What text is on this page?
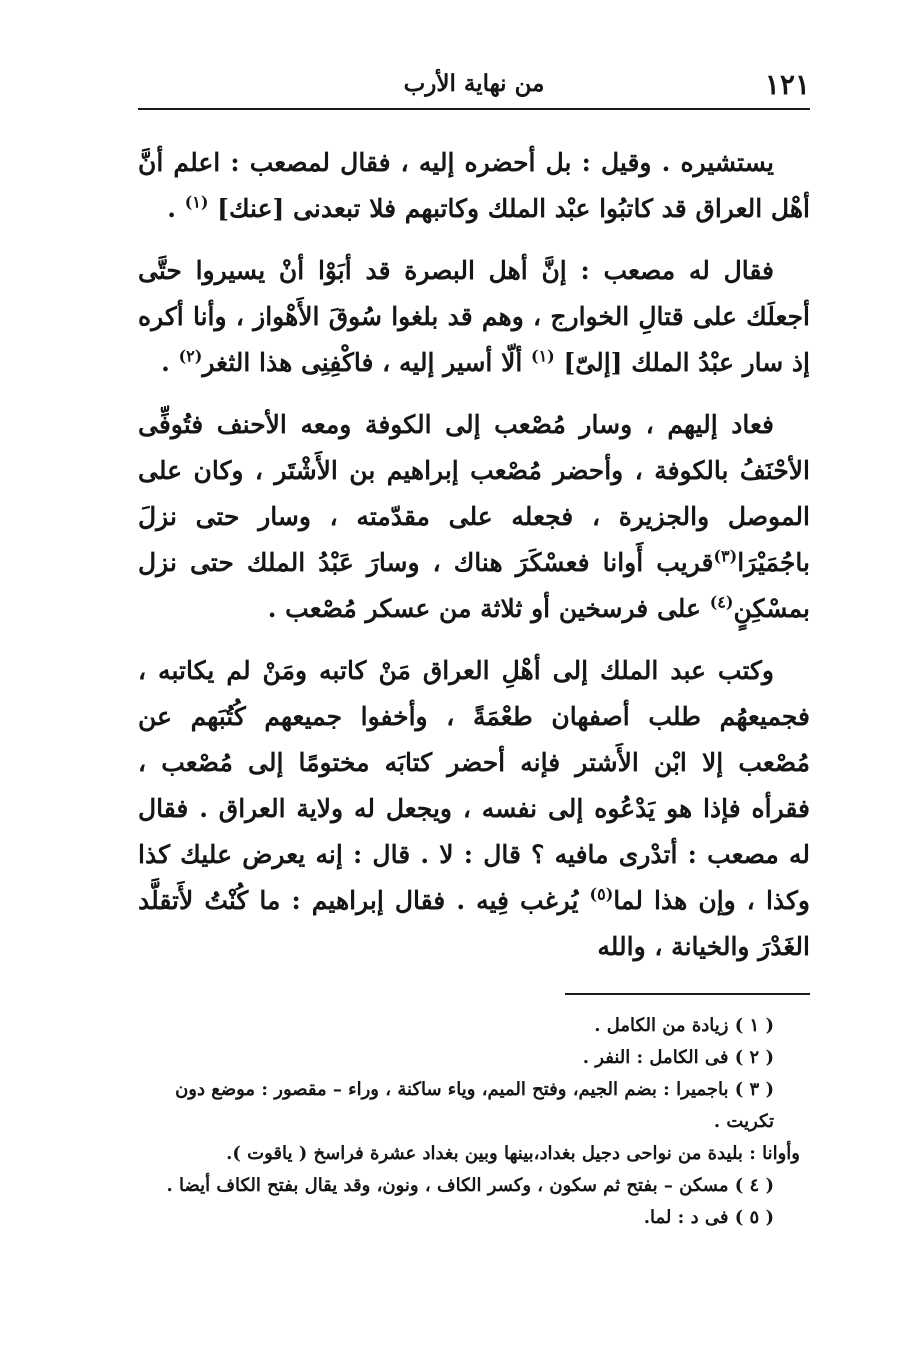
١٢١
من نهاية الأرب

يستشيره . وقيل : بل أحضره إليه ، فقال لمصعب : اعلم أنَّ أهْل العراق قد كاتبُوا عبْد الملك وكاتبهم فلا تبعدنى [عنك] $^{(١)}$ .

فقال له مصعب : إنَّ أهل البصرة قد أبَوْا أنْ يسيروا حتَّى أجعلَك على قتالِ الخوارج ، وهم قد بلغوا سُوقَ الأَهْواز ، وأنا أكره إذ سار عبْدُ الملك [إلىّ] $^{(١)}$ ألّا أسير إليه ، فاكْفِنِى هذا الثغر$^{(٢)}$ .

فعاد إليهم ، وسار مُصْعب إلى الكوفة ومعه الأحنف فتُوفِّى الأحْنَفُ بالكوفة ، وأحضر مُصْعب إبراهيم بن الأَشْتَر ، وكان على الموصل والجزيرة ، فجعله على مقدّمته ، وسار حتى نزلَ باجُمَيْرَا$^{(٣)}$قريب أَوانا فعسْكَرَ هناك ، وسارَ عَبْدُ الملك حتى نزل بمسْكِنٍ$^{(٤)}$ على فرسخين أو ثلاثة من عسكر مُصْعب .

وكتب عبد الملك إلى أهْلِ العراق مَنْ كاتبه ومَنْ لم يكاتبه ، فجميعهُم طلب أصفهان طعْمَةً ، وأخفوا جميعهم كُتُبَهم عن مُصْعب إلا ابْن الأَشتر فإنه أحضر كتابَه مختومًا إلى مُصْعب ، فقرأه فإذا هو يَدْعُوه إلى نفسه ، ويجعل له ولاية العراق . فقال له مصعب : أتدْرى مافيه ؟ قال : لا . قال : إنه يعرض عليك كذا وكذا ، وإن هذا لما$^{(٥)}$ يُرغب فِيه . فقال إبراهيم : ما كُنْتُ لأَتقلَّد الغَدْرَ والخيانة ، والله

( ١ ) زيادة من الكامل .

( ٢ ) فى الكامل : النفر .

( ٣ ) باجميرا : بضم الجيم، وفتح الميم، وياء ساكنة ، وراء – مقصور : موضع دون تكريت .

وأوانا : بليدة من نواحى دجيل بغداد،بينها وبين بغداد عشرة فراسخ ( ياقوت ).

( ٤ ) مسكن – بفتح ثم سكون ، وكسر الكاف ، ونون، وقد يقال بفتح الكاف أيضا .

( ٥ ) فى د : لما.
